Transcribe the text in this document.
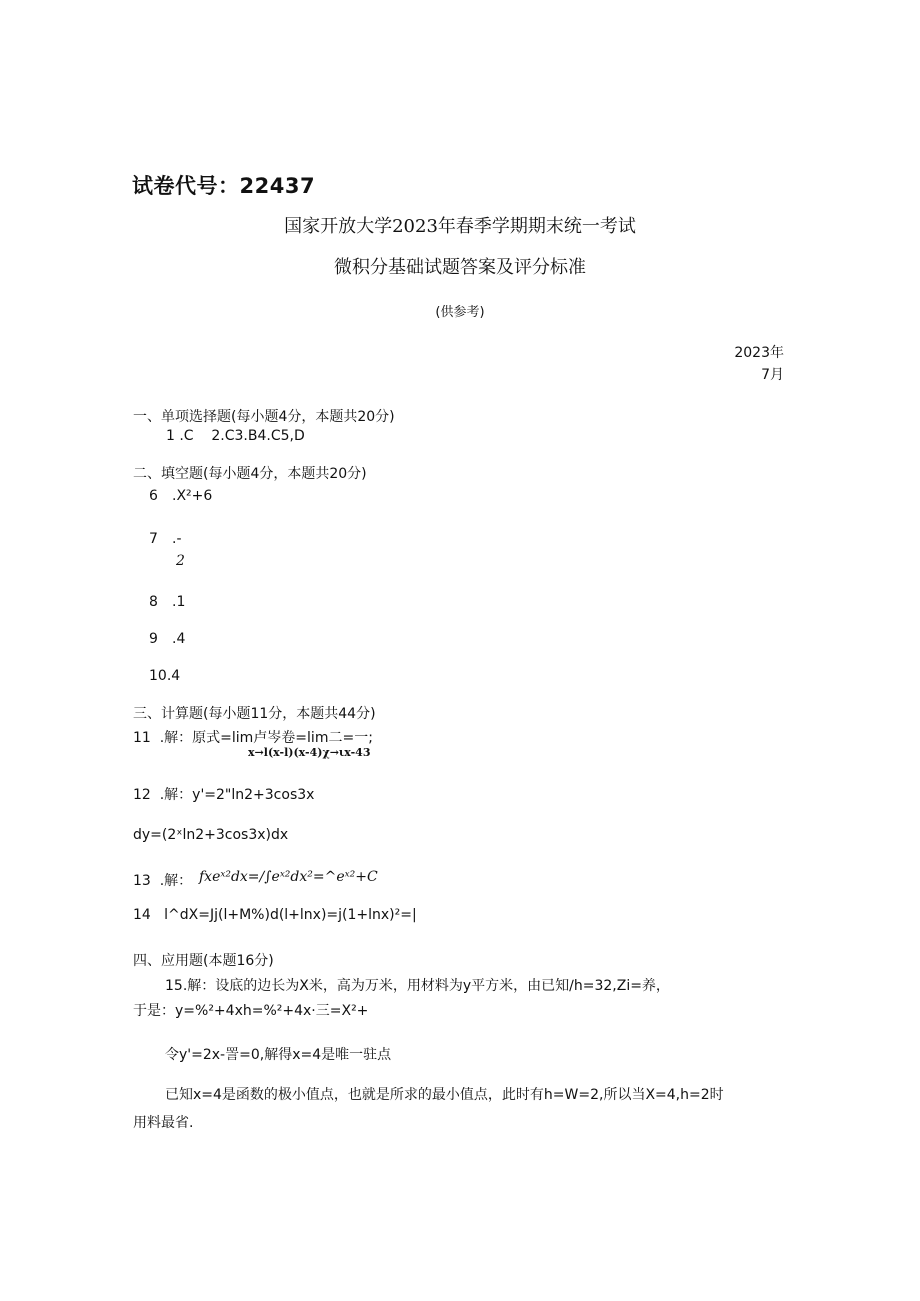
试卷代号：22437
国家开放大学2023年春季学期期末统一考试
微积分基础试题答案及评分标准
(供参考)
2023年
7月
一、单项选择题(每小题4分，本题共20分)
1 .C    2.C3.B4.C5,D
二、填空题(每小题4分，本题共20分)
6 .X²+6
7 .-
2
8 .1
9 .4
10.4
三、计算题(每小题11分，本题共44分)
11  .解：原式=lim卢岑卷=lim二=一;
x→l(x-l)(x-4)χ→ιx-43
12  .解：y'=2"ln2+3cos3x
dy=(2ˣln2+3cos3x)dx
13  .解： fxeˣ²dx=∕∫eˣ²dx²=^eˣ²+C
14   l^dX=Jj(l+M%)d(l+lnx)=j(1+lnx)²=|
四、应用题(本题16分)
15.解：设底的边长为X米，高为万米，用材料为y平方米，由已知∕h=32,Zi=养，
于是：y=%²+4xh=%²+4x·三=X²+
令y'=2x-詈=0,解得x=4是唯一驻点
已知x=4是函数的极小值点，也就是所求的最小值点，此时有h=W=2,所以当X=4,h=2时
用料最省.
